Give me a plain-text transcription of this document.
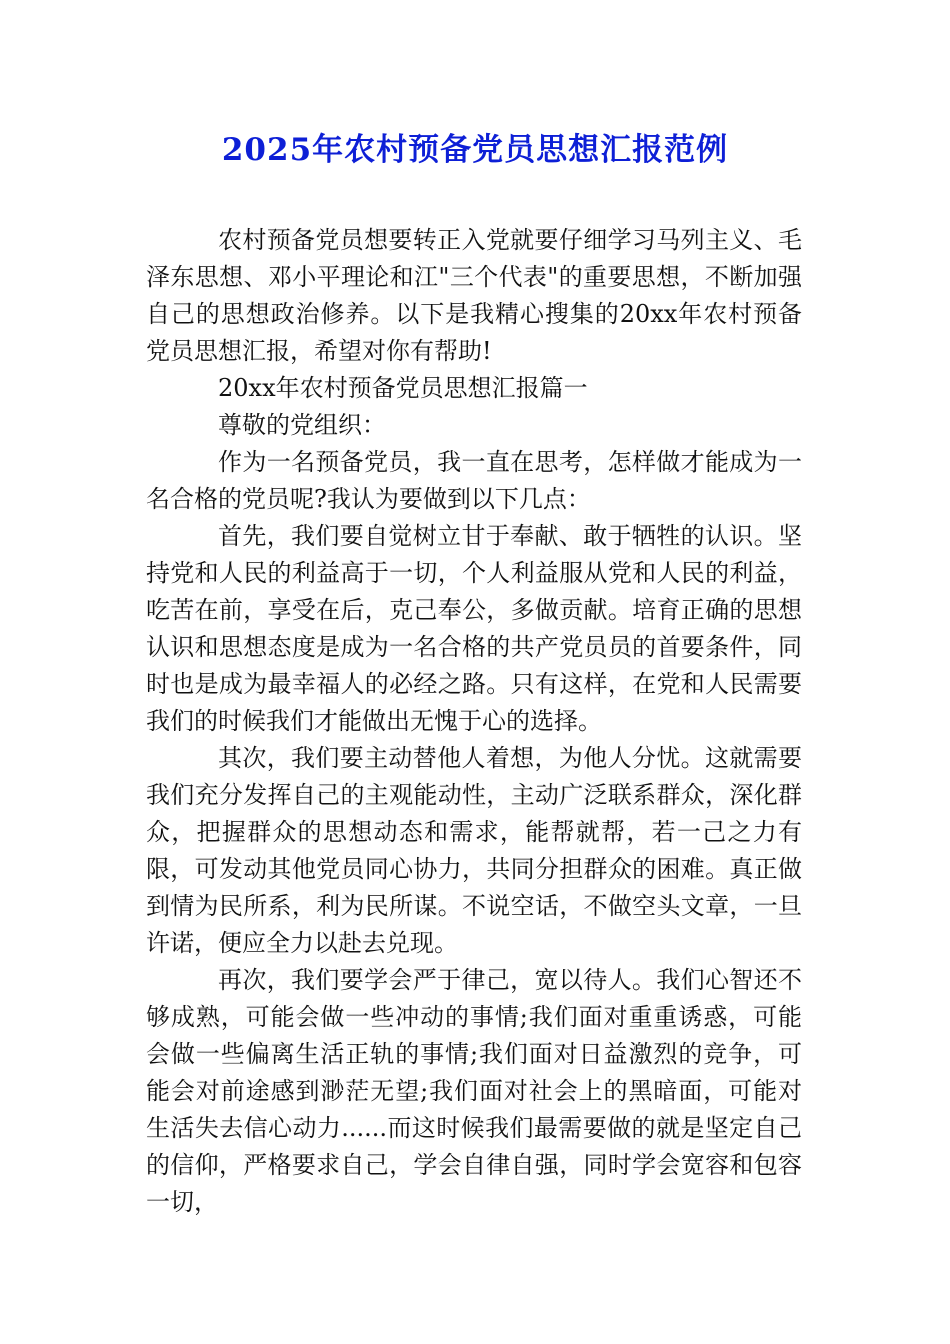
2025年农村预备党员思想汇报范例

农村预备党员想要转正入党就要仔细学习马列主义、毛泽东思想、邓小平理论和江"三个代表"的重要思想，不断加强自己的思想政治修养。以下是我精心搜集的20xx年农村预备党员思想汇报，希望对你有帮助!

20xx年农村预备党员思想汇报篇一

尊敬的党组织：

作为一名预备党员，我一直在思考，怎样做才能成为一名合格的党员呢?我认为要做到以下几点：

首先，我们要自觉树立甘于奉献、敢于牺牲的认识。坚持党和人民的利益高于一切，个人利益服从党和人民的利益，吃苦在前，享受在后，克己奉公，多做贡献。培育正确的思想认识和思想态度是成为一名合格的共产党员员的首要条件，同时也是成为最幸福人的必经之路。只有这样，在党和人民需要我们的时候我们才能做出无愧于心的选择。

其次，我们要主动替他人着想，为他人分忧。这就需要我们充分发挥自己的主观能动性，主动广泛联系群众，深化群众，把握群众的思想动态和需求，能帮就帮，若一己之力有限，可发动其他党员同心协力，共同分担群众的困难。真正做到情为民所系，利为民所谋。不说空话，不做空头文章，一旦许诺，便应全力以赴去兑现。

再次，我们要学会严于律己，宽以待人。我们心智还不够成熟，可能会做一些冲动的事情;我们面对重重诱惑，可能会做一些偏离生活正轨的事情;我们面对日益激烈的竞争，可能会对前途感到渺茫无望;我们面对社会上的黑暗面，可能对生活失去信心动力......而这时候我们最需要做的就是坚定自己的信仰，严格要求自己，学会自律自强，同时学会宽容和包容一切，
